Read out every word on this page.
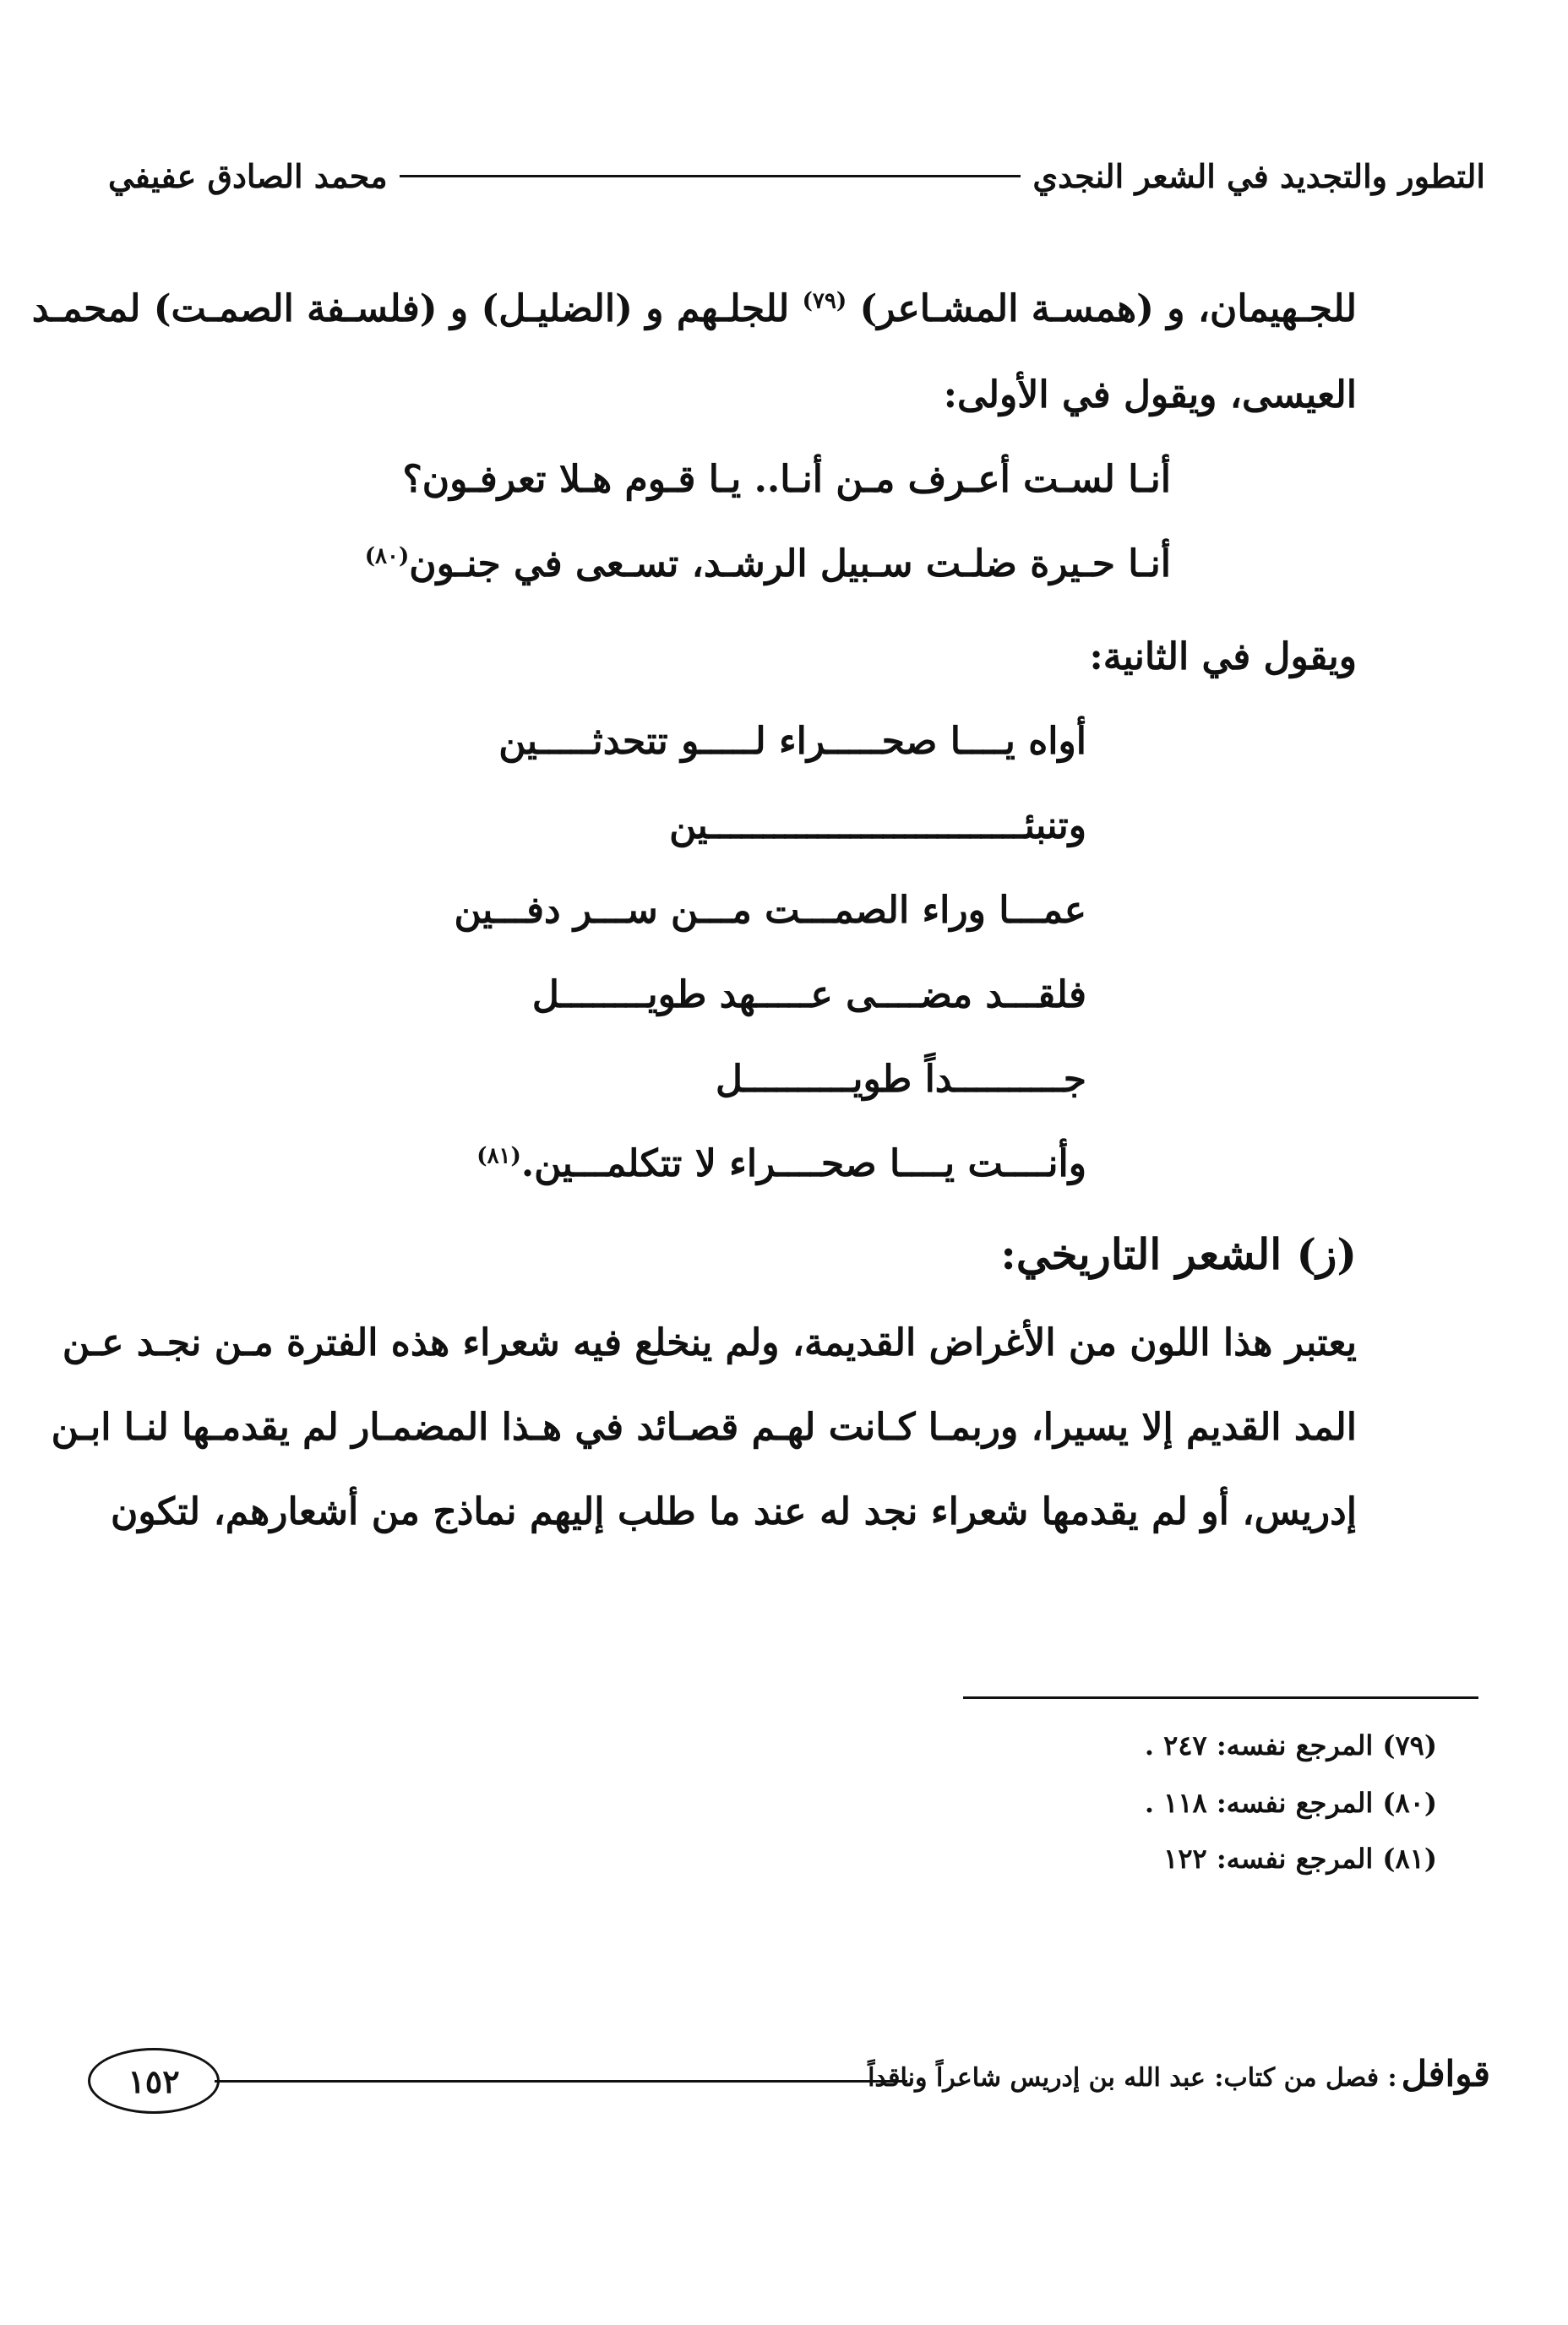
التطور والتجديد في الشعر النجدي
محمد الصادق عفيفي
للجـهيمان، و (همسـة المشـاعر) $^{(٧٩)}$ للجلـهم و (الضليـل) و (فلسـفة الصمـت) لمحمـد
العيسى، ويقول في الأولى:
أنـا لسـت أعـرف مـن أنـا.. يـا قـوم هـلا تعرفـون؟
أنـا حـيرة ضلـت سـبيل الرشـد، تسـعى في جنـون$^{(٨٠)}$
ويقول في الثانية:
أواه يــــا صحـــــراء لـــــو تتحدثـــــين
وتنبئـــــــــــــــــــــــــــــين
عمـــا وراء الصمـــت مـــن ســـر دفـــين
فلقـــد مضــــى عـــــهد طويــــــــل
جــــــــــداً طويــــــــــل
وأنــــت يــــا صحــــراء لا تتكلمـــين.$^{(٨١)}$
(ز) الشعر التاريخي:
يعتبر هذا اللون من الأغراض القديمة، ولم ينخلع فيه شعراء هذه الفترة مـن نجـد عـن
المد القديم إلا يسيرا، وربمـا كـانت لهـم قصـائد في هـذا المضمـار لم يقدمـها لنـا ابـن
إدريس، أو لم يقدمها شعراء نجد له عند ما طلب إليهم نماذج من أشعارهم، لتكون
(٧٩) المرجع نفسه: ٢٤٧ .
(٨٠) المرجع نفسه: ١١٨ .
(٨١) المرجع نفسه: ١٢٢
١٥٢	قوافل : فصل من كتاب: عبد الله بن إدريس شاعراً وناقداً
